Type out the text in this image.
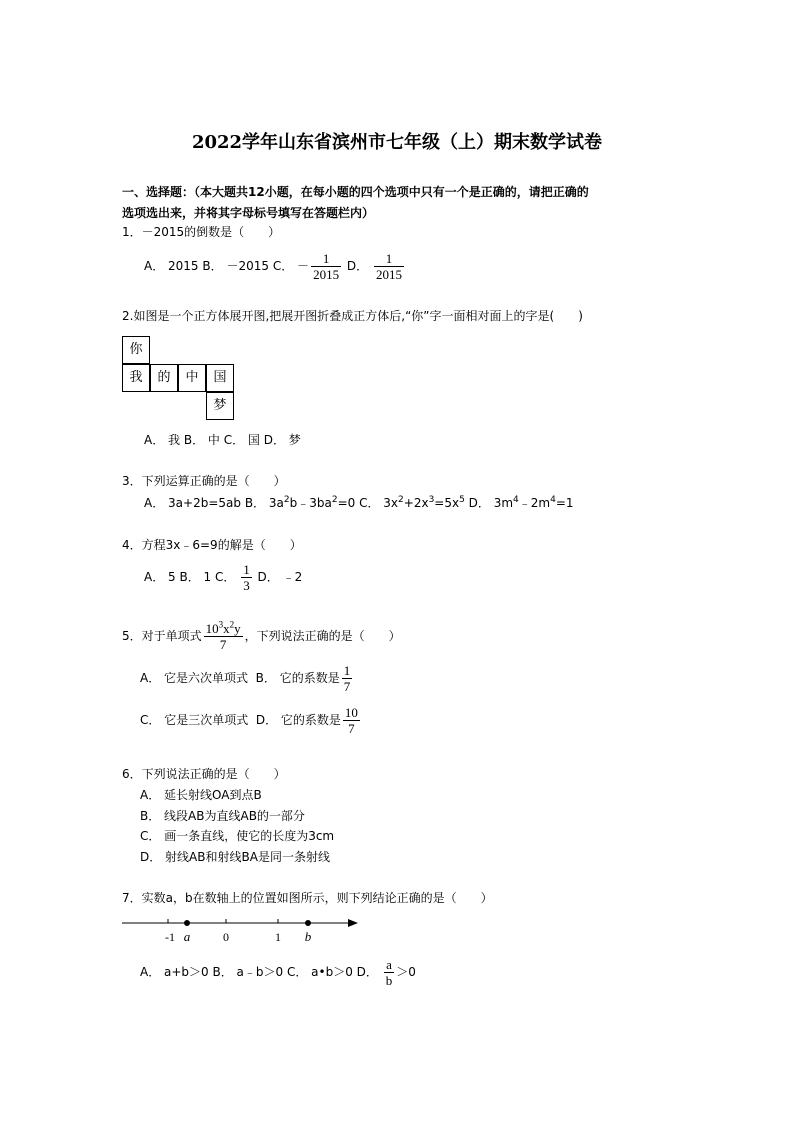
2022学年山东省滨州市七年级（上）期末数学试卷
一、选择题：（本大题共12小题，在每小题的四个选项中只有一个是正确的，请把正确的
选项选出来，并将其字母标号填写在答题栏内）
1．－2015的倒数是（　　）
A． 2015 B． －2015 C． － $\frac{1}{2015}$ D． $\frac{1}{2015}$
2.如图是一个正方体展开图,把展开图折叠成正方体后,“你”字一面相对面上的字是(　　)
你
我	的	中	国
梦
A． 我 B． 中 C． 国 D． 梦
3．下列运算正确的是（　　）
A． 3a+2b=5ab B． $3a^2b﹣3ba^2=0$ C． $3x^2+2x^3=5x^5$ D． $3m^4﹣2m^4=1$
4．方程3x﹣6=9的解是（　　）
A． 5 B． 1 C． $\frac{1}{3}$ D． ﹣2
5．对于单项式 $\frac{10^3x^2y}{7}$ ，下列说法正确的是（　　）
A． 它是六次单项式 B． 它的系数是 $\frac{1}{7}$
C． 它是三次单项式 D． 它的系数是 $\frac{10}{7}$
6．下列说法正确的是（　　）
A． 延长射线OA到点B
B． 线段AB为直线AB的一部分
C． 画一条直线，使它的长度为3cm
D． 射线AB和射线BA是同一条射线
7．实数a，b在数轴上的位置如图所示，则下列结论正确的是（　　）
-1 a	0	1 b
A． a+b＞0 B． a﹣b＞0 C． a•b＞0 D． $\frac{a}{b} >0$
